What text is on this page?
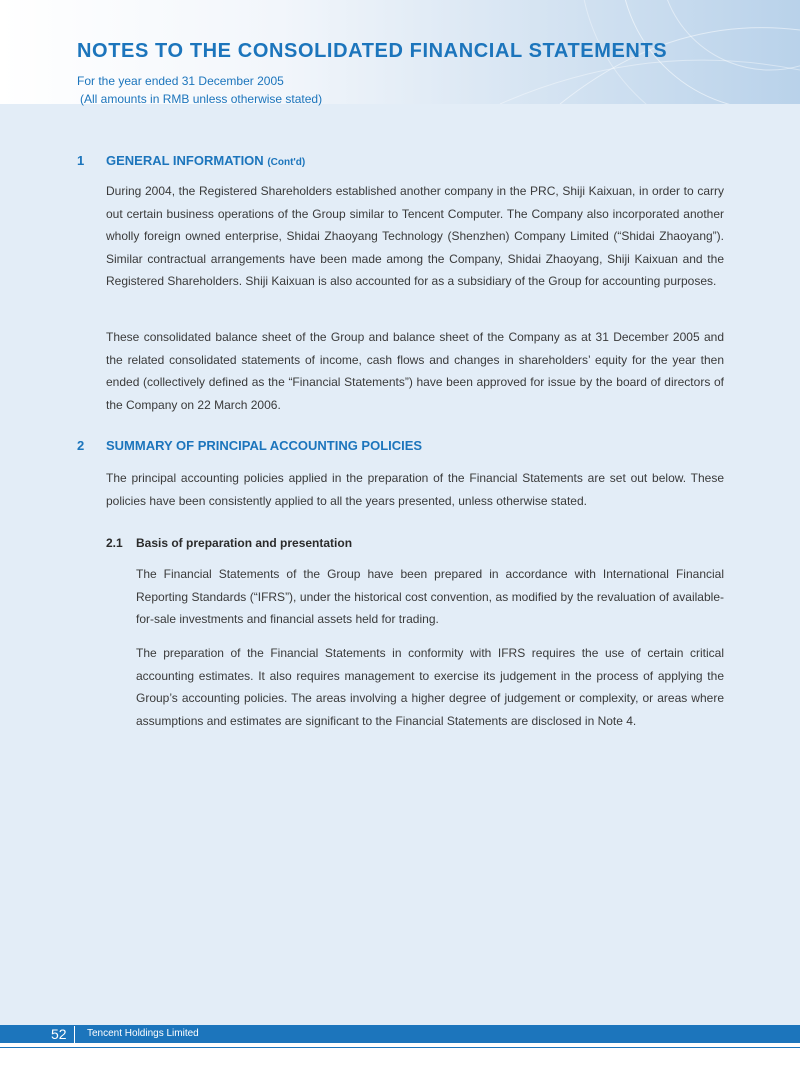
NOTES TO THE CONSOLIDATED FINANCIAL STATEMENTS
For the year ended 31 December 2005
(All amounts in RMB unless otherwise stated)
1 GENERAL INFORMATION (Cont'd)

During 2004, the Registered Shareholders established another company in the PRC, Shiji Kaixuan, in order to carry out certain business operations of the Group similar to Tencent Computer. The Company also incorporated another wholly foreign owned enterprise, Shidai Zhaoyang Technology (Shenzhen) Company Limited (“Shidai Zhaoyang”). Similar contractual arrangements have been made among the Company, Shidai Zhaoyang, Shiji Kaixuan and the Registered Shareholders. Shiji Kaixuan is also accounted for as a subsidiary of the Group for accounting purposes.

These consolidated balance sheet of the Group and balance sheet of the Company as at 31 December 2005 and the related consolidated statements of income, cash flows and changes in shareholders’ equity for the year then ended (collectively defined as the “Financial Statements”) have been approved for issue by the board of directors of the Company on 22 March 2006.

2 SUMMARY OF PRINCIPAL ACCOUNTING POLICIES

The principal accounting policies applied in the preparation of the Financial Statements are set out below. These policies have been consistently applied to all the years presented, unless otherwise stated.

2.1 Basis of preparation and presentation

The Financial Statements of the Group have been prepared in accordance with International Financial Reporting Standards (“IFRS”), under the historical cost convention, as modified by the revaluation of available-for-sale investments and financial assets held for trading.

The preparation of the Financial Statements in conformity with IFRS requires the use of certain critical accounting estimates. It also requires management to exercise its judgement in the process of applying the Group’s accounting policies. The areas involving a higher degree of judgement or complexity, or areas where assumptions and estimates are significant to the Financial Statements are disclosed in Note 4.

52 Tencent Holdings Limited
